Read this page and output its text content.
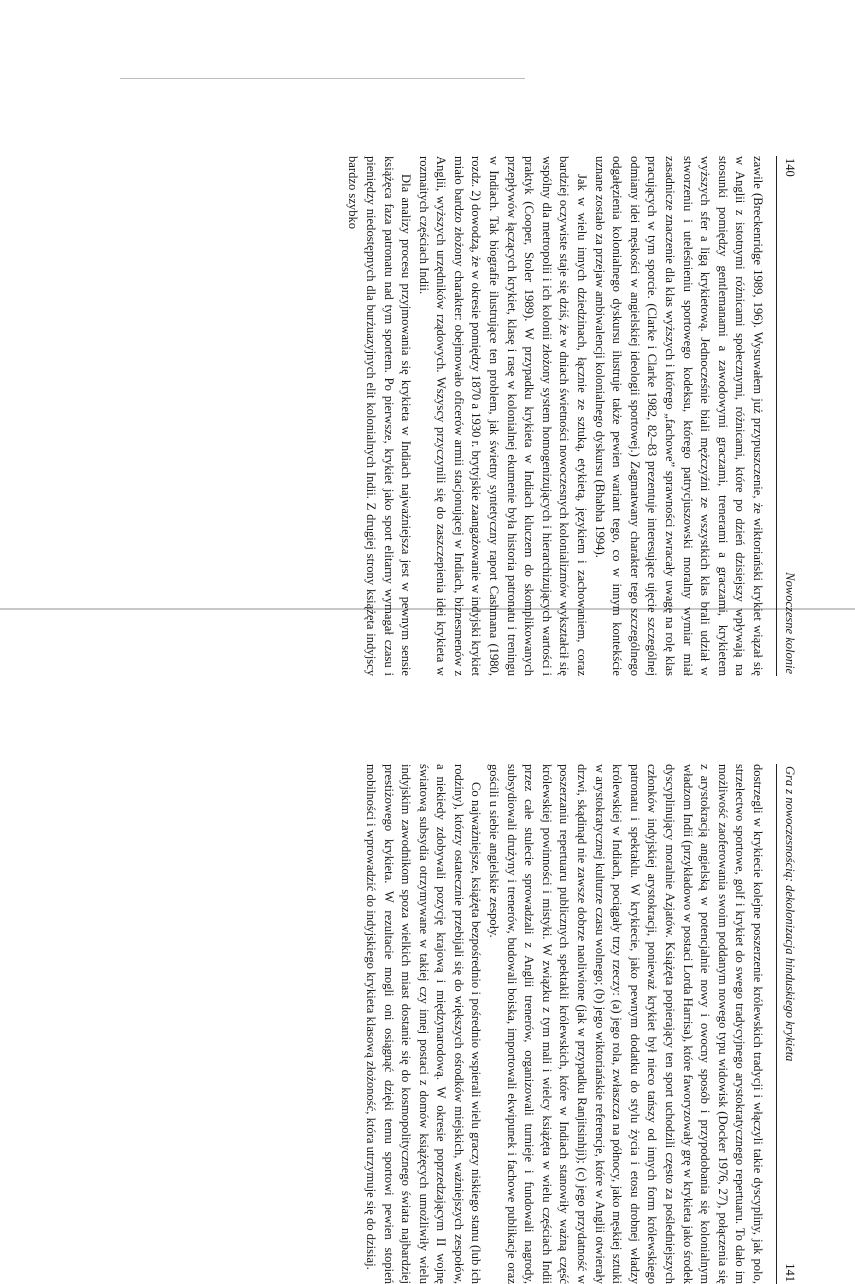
140
Nowoczesne kolonie

zawile (Breckenridge 1989, 196). Wysuwałem już przypuszczenie, że wiktoriański krykiet wiązał się w Anglii z istotnymi różnicami społecznymi, różnicami, które po dzień dzisiejszy wpływają na stosunki pomiędzy gentlemanami a zawodowymi graczami, trenerami a graczami, krykietem wyższych sfer a ligą krykietową. Jednocześnie biali mężczyźni ze wszystkich klas brali udział w stworzeniu i uteleśnieniu sportowego kodeksu, którego patrycjuszowski moralny wymiar miał zasadnicze znaczenie dla klas wyższych i którego „fachowe” sprawności zwracały uwagę na rolę klas pracujących w tym sporcie. (Clarke i Clarke 1982, 82–83 prezentuje interesujące ujęcie szczególnej odmiany idei męskości w angielskiej ideologii sportowej.) Zagmatwany charakter tego szczególnego odgałęzienia kolonialnego dyskursu ilustruje także pewien wariant tego, co w innym kontekście uznane zostało za przejaw ambiwalencji kolonialnego dyskursu (Bhabha 1994).

Jak w wielu innych dziedzinach, łącznie ze sztuką, etykietą, językiem i zachowaniem, coraz bardziej oczywiste staje się dziś, że w dniach świetności nowoczesnych kolonializmów wykształcił się wspólny dla metropolii i ich kolonii złożony system homogenizujących i hierarchizujących wartości i praktyk (Cooper, Stoler 1989). W przypadku krykieta w Indiach kluczem do skomplikowanych przepływów łączących krykiet, klasę i rasę w kolonialnej ekumenie była historia patronatu i treningu w Indiach. Tak biografie ilustrujące ten problem, jak świetny syntetyczny raport Cashmana (1980, rozdz. 2) dowodzą, że w okresie pomiędzy 1870 a 1930 r. brytyjskie zaangażowanie w indyjski krykiet miało bardzo złożony charakter: obejmowało oficerów armii stacjonującej w Indiach, biznesmenów z Anglii, wyższych urzędników rządowych. Wszyscy przyczynili się do zaszczepienia idei krykieta w rozmaitych częściach Indii.

Dla analizy procesu przyjmowania się krykieta w Indiach najważniejsza jest w pewnym sensie książęca faza patronatu nad tym sportem. Po pierwsze, krykiet jako sport elitarny wymagał czasu i pieniędzy niedostępnych dla burżuazyjnych elit kolonialnych Indii. Z drugiej strony książęta indyjscy bardzo szybko

Gra z nowoczesnością: dekolonizacja hinduskiego krykieta
141

dostrzegli w krykiecie kolejne poszerzenie królewskich tradycji i włączyli takie dyscypliny, jak polo, strzelectwo sportowe, golf i krykiet do swego tradycyjnego arystokratycznego repertuaru. To dało im możliwość zaoferowania swoim poddanym nowego typu widowisk (Docker 1976, 27), połączenia się z arystokracją angielską w potencjalnie nowy i owocny sposób i przypodobania się kolonialnym władzom Indii (przykładowo w postaci Lorda Harrisa), które faworyzowały grę w krykieta jako środek dyscyplinujący moralnie Azjatów. Książęta popierający ten sport uchodzili często za pośledniejszych członków indyjskiej arystokracji, ponieważ krykiet był nieco tańszy od innych form królewskiego patronatu i spektaklu. W krykiecie, jako pewnym dodatku do stylu życia i etosu drobnej władzy królewskiej w Indiach, pociągały trzy rzeczy: (a) jego rola, zwłaszcza na północy, jako męskiej sztuki w arystokratycznej kulturze czasu wolnego; (b) jego wiktoriańskie referencje, które w Anglii otwierały drzwi, skądinąd nie zawsze dobrze naoliwione (jak w przypadku Ranjitsinhji); (c) jego przydatność w poszerzaniu repertuaru publicznych spektakli królewskich, które w Indiach stanowiły ważną część królewskiej powinności i mistyki. W związku z tym mali i wielcy książęta w wielu częściach Indii przez całe stulecie sprowadzali z Anglii trenerów, organizowali turnieje i fundowali nagrody, subsydiowali drużyny i trenerów, budowali boiska, importowali ekwipunek i fachowe publikacje oraz gościli u siebie angielskie zespoły.

Co najważniejsze, książęta bezpośrednio i pośrednio wspierali wielu graczy niskiego stanu (lub ich rodziny), którzy ostatecznie przebijali się do większych ośrodków miejskich, ważniejszych zespołów, a niekiedy zdobywali pozycję krajową i międzynarodową. W okresie poprzedzającym II wojnę światową subsydia otrzymywane w takiej czy innej postaci z domów książęcych umożliwiły wielu indyjskim zawodnikom spoza wielkich miast dostanie się do kosmopolitycznego świata najbardziej prestiżowego krykieta. W rezultacie mogli oni osiągnąć dzięki temu sportowi pewien stopień mobilności i wprowadzić do indyjskiego krykieta klasową złożoność, która utrzymuje się do dzisiaj.
